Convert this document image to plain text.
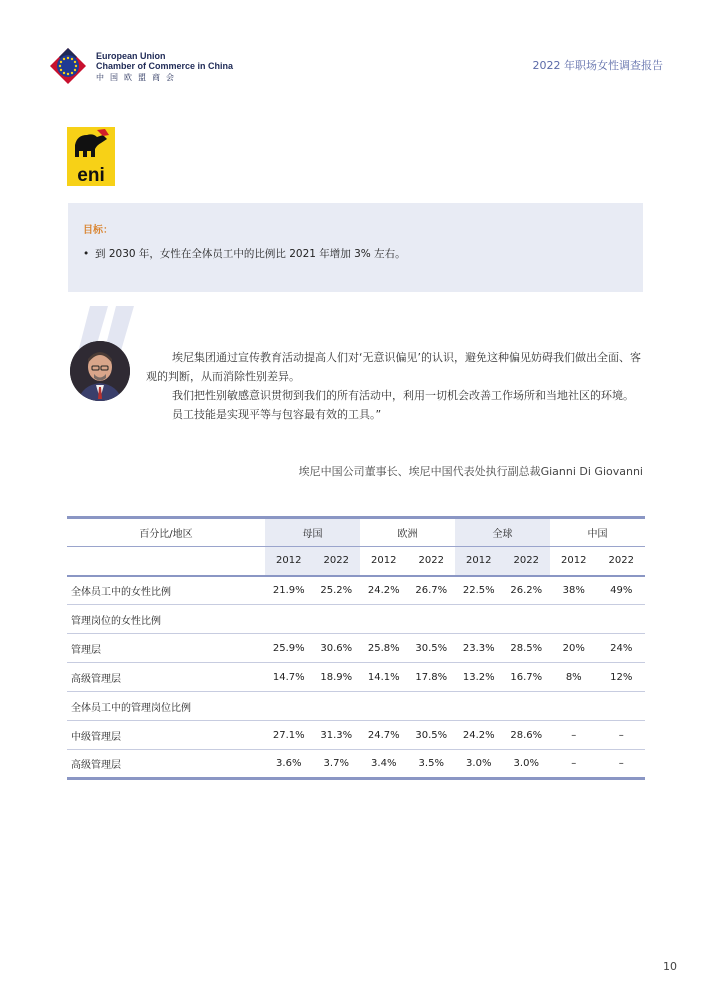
European Union
Chamber of Commerce in China
中国欧盟商会
2022 年职场女性调查报告
eni
目标：
• 到 2030 年，女性在全体员工中的比例比 2021 年增加 3% 左右。

埃尼集团通过宣传教育活动提高人们对‘无意识偏见’的认识，避免这种偏见妨碍我们做出全面、客观的判断，从而消除性别差异。

我们把性别敏感意识贯彻到我们的所有活动中，利用一切机会改善工作场所和当地社区的环境。

员工技能是实现平等与包容最有效的工具。”

埃尼中国公司董事长、埃尼中国代表处执行副总裁Gianni Di Giovanni
百分比/地区	母国		欧洲		全球		中国	
	2012	2022	2012	2022	2012	2022	2012	2022
全体员工中的女性比例	21.9%	25.2%	24.2%	26.7%	22.5%	26.2%	38%	49%
管理岗位的女性比例								
管理层	25.9%	30.6%	25.8%	30.5%	23.3%	28.5%	20%	24%
高级管理层	14.7%	18.9%	14.1%	17.8%	13.2%	16.7%	8%	12%
全体员工中的管理岗位比例								
中级管理层	27.1%	31.3%	24.7%	30.5%	24.2%	28.6%	–	–
高级管理层	3.6%	3.7%	3.4%	3.5%	3.0%	3.0%	–	–
10
